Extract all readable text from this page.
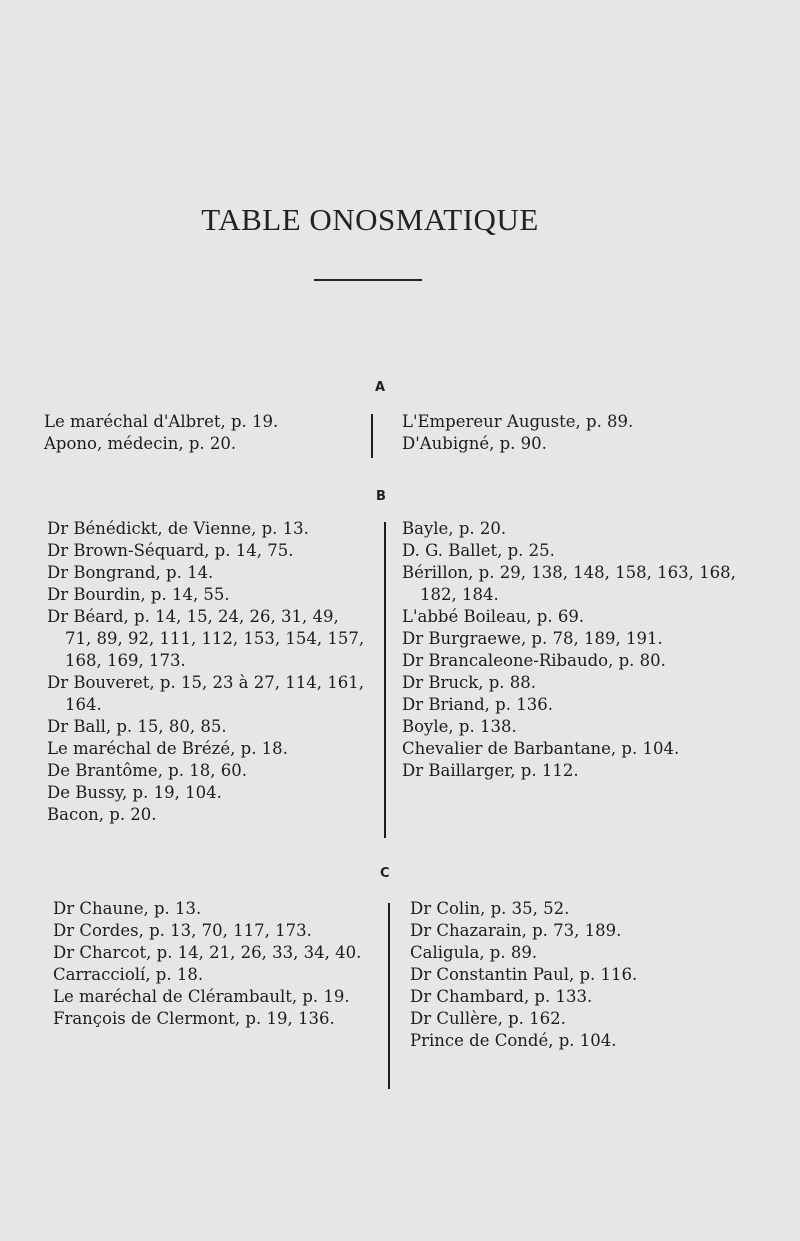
TABLE ONOSMATIQUE
A
Le maréchal d'Albret, p. 19.
Apono, médecin, p. 20.
L'Empereur Auguste, p. 89.
D'Aubigné, p. 90.
B
Dr Bénédickt, de Vienne, p. 13.
Dr Brown-Séquard, p. 14, 75.
Dr Bongrand, p. 14.
Dr Bourdin, p. 14, 55.
Dr Béard, p. 14, 15, 24, 26, 31, 49, 71, 89, 92, 111, 112, 153, 154, 157, 168, 169, 173.
Dr Bouveret, p. 15, 23 à 27, 114, 161, 164.
Dr Ball, p. 15, 80, 85.
Le maréchal de Brézé, p. 18.
De Brantôme, p. 18, 60.
De Bussy, p. 19, 104.
Bacon, p. 20.
Bayle, p. 20.
D. G. Ballet, p. 25.
Bérillon, p. 29, 138, 148, 158, 163, 168, 182, 184.
L'abbé Boileau, p. 69.
Dr Burgraewe, p. 78, 189, 191.
Dr Brancaleone-Ribaudo, p. 80.
Dr Bruck, p. 88.
Dr Briand, p. 136.
Boyle, p. 138.
Chevalier de Barbantane, p. 104.
Dr Baillarger, p. 112.
C
Dr Chaune, p. 13.
Dr Cordes, p. 13, 70, 117, 173.
Dr Charcot, p. 14, 21, 26, 33, 34, 40.
Carracciolí, p. 18.
Le maréchal de Clérambault, p. 19.
François de Clermont, p. 19, 136.
Dr Colin, p. 35, 52.
Dr Chazarain, p. 73, 189.
Caligula, p. 89.
Dr Constantin Paul, p. 116.
Dr Chambard, p. 133.
Dr Cullère, p. 162.
Prince de Condé, p. 104.
